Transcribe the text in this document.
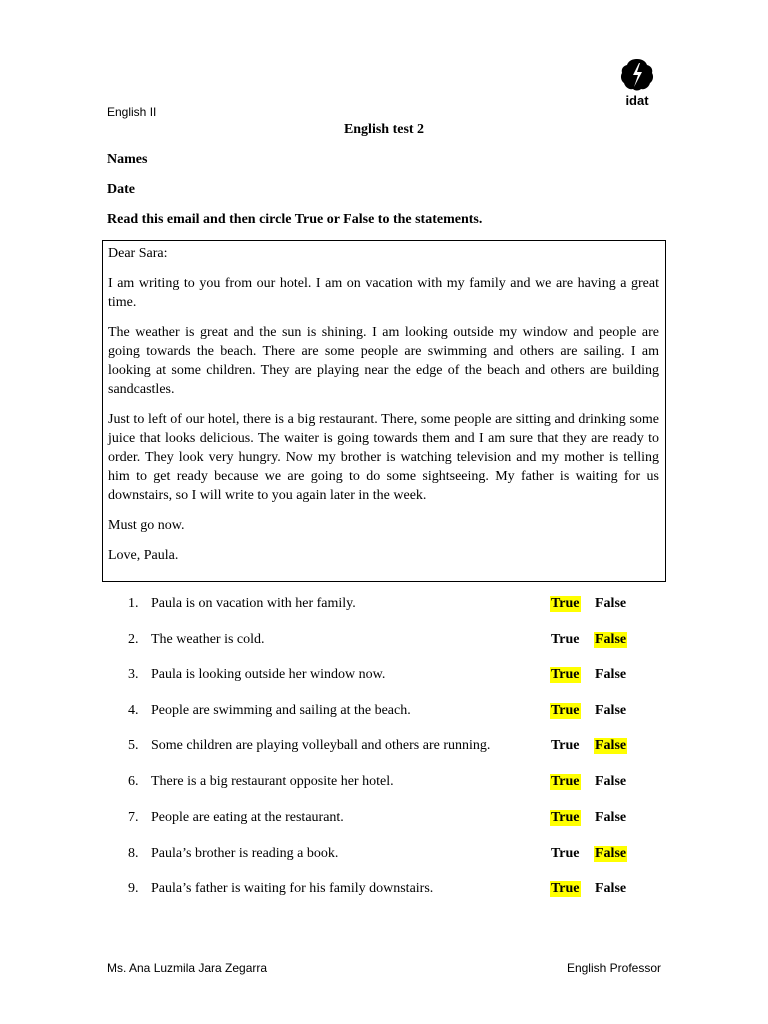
idat
English II
English test 2
Names
Date
Read this email and then circle True or False to the statements.

Dear Sara:

I am writing to you from our hotel. I am on vacation with my family and we are having a great time.

The weather is great and the sun is shining. I am looking outside my window and people are going towards the beach. There are some people are swimming and others are sailing. I am looking at some children. They are playing near the edge of the beach and others are building sandcastles.

Just to left of our hotel, there is a big restaurant. There, some people are sitting and drinking some juice that looks delicious. The waiter is going towards them and I am sure that they are ready to order. They look very hungry. Now my brother is watching television and my mother is telling him to get ready because we are going to do some sightseeing. My father is waiting for us downstairs, so I will write to you again later in the week.

Must go now.

Love, Paula.

1. Paula is on vacation with her family.	True False
2. The weather is cold.	True False
3. Paula is looking outside her window now.	True False
4. People are swimming and sailing at the beach.	True False
5. Some children are playing volleyball and others are running.	True False
6. There is a big restaurant opposite her hotel.	True False
7. People are eating at the restaurant.	True False
8. Paula’s brother is reading a book.	True False
9. Paula’s father is waiting for his family downstairs.	True False
Ms. Ana Luzmila Jara Zegarra	English Professor
